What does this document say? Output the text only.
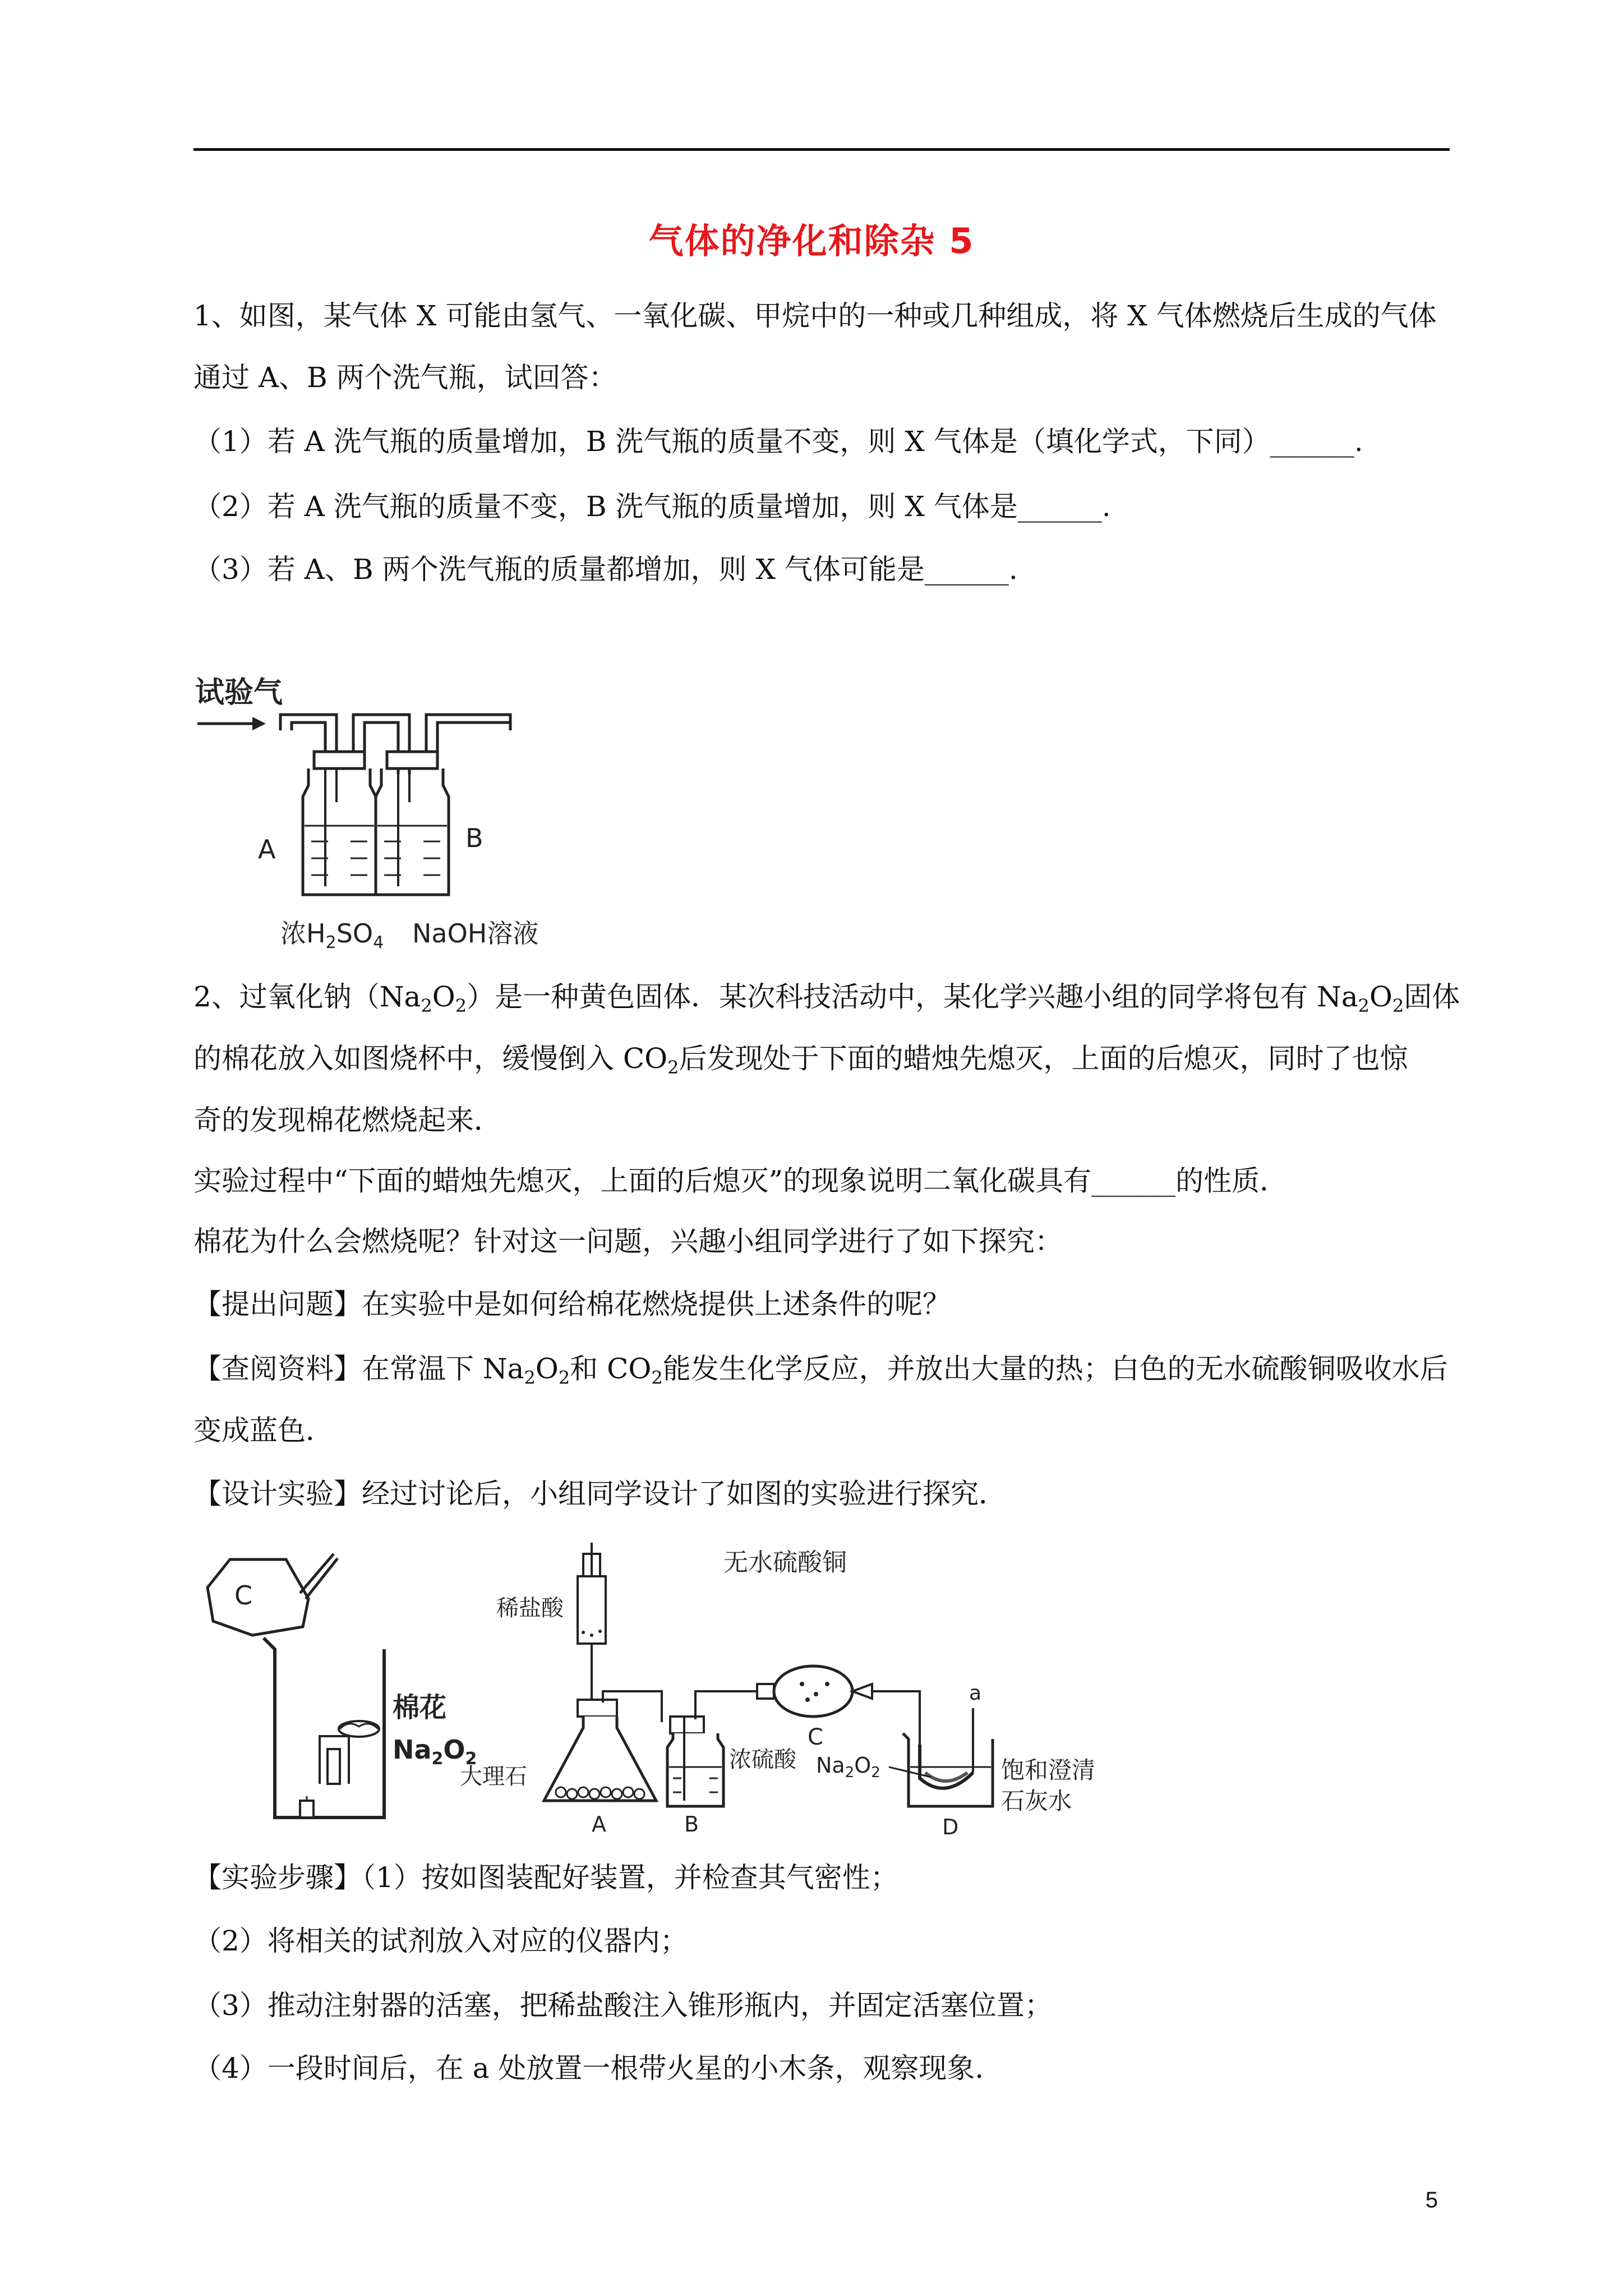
气体的净化和除杂 5
1、如图，某气体 X 可能由氢气、一氧化碳、甲烷中的一种或几种组成，将 X 气体燃烧后生成的气体
通过 A、B 两个洗气瓶，试回答：
（1）若 A 洗气瓶的质量增加，B 洗气瓶的质量不变，则 X 气体是（填化学式，下同）______.
（2）若 A 洗气瓶的质量不变，B 洗气瓶的质量增加，则 X 气体是______.
（3）若 A、B 两个洗气瓶的质量都增加，则 X 气体可能是______.
试验气
A	B
浓$H_2SO_4$ NaOH溶液
2、过氧化钠$(Na_2O_2)$是一种黄色固体．某次科技活动中，某化学兴趣小组的同学将包有 $Na_2O_2$固体
的棉花放入如图烧杯中，缓慢倒入 $CO_2$后发现处于下面的蜡烛先熄灭，上面的后熄灭，同时了也惊
奇的发现棉花燃烧起来．
实验过程中“下面的蜡烛先熄灭，上面的后熄灭”的现象说明二氧化碳具有______的性质．
棉花为什么会燃烧呢？针对这一问题，兴趣小组同学进行了如下探究：
【提出问题】在实验中是如何给棉花燃烧提供上述条件的呢？
【查阅资料】在常温下 $Na_2O_2$和 $CO_2$能发生化学反应，并放出大量的热；白色的无水硫酸铜吸收水后
变成蓝色．
【设计实验】经过讨论后，小组同学设计了如图的实验进行探究．
C
棉花
$Na_2O_2$
稀盐酸
大理石
A
浓硫酸
B
无水硫酸铜
C
a
$Na_2O_2$	饱和澄清
石灰水
D
【实验步骤】（1）按如图装配好装置，并检查其气密性；
（2）将相关的试剂放入对应的仪器内；
（3）推动注射器的活塞，把稀盐酸注入锥形瓶内，并固定活塞位置；
（4）一段时间后，在 a 处放置一根带火星的小木条，观察现象．
5
